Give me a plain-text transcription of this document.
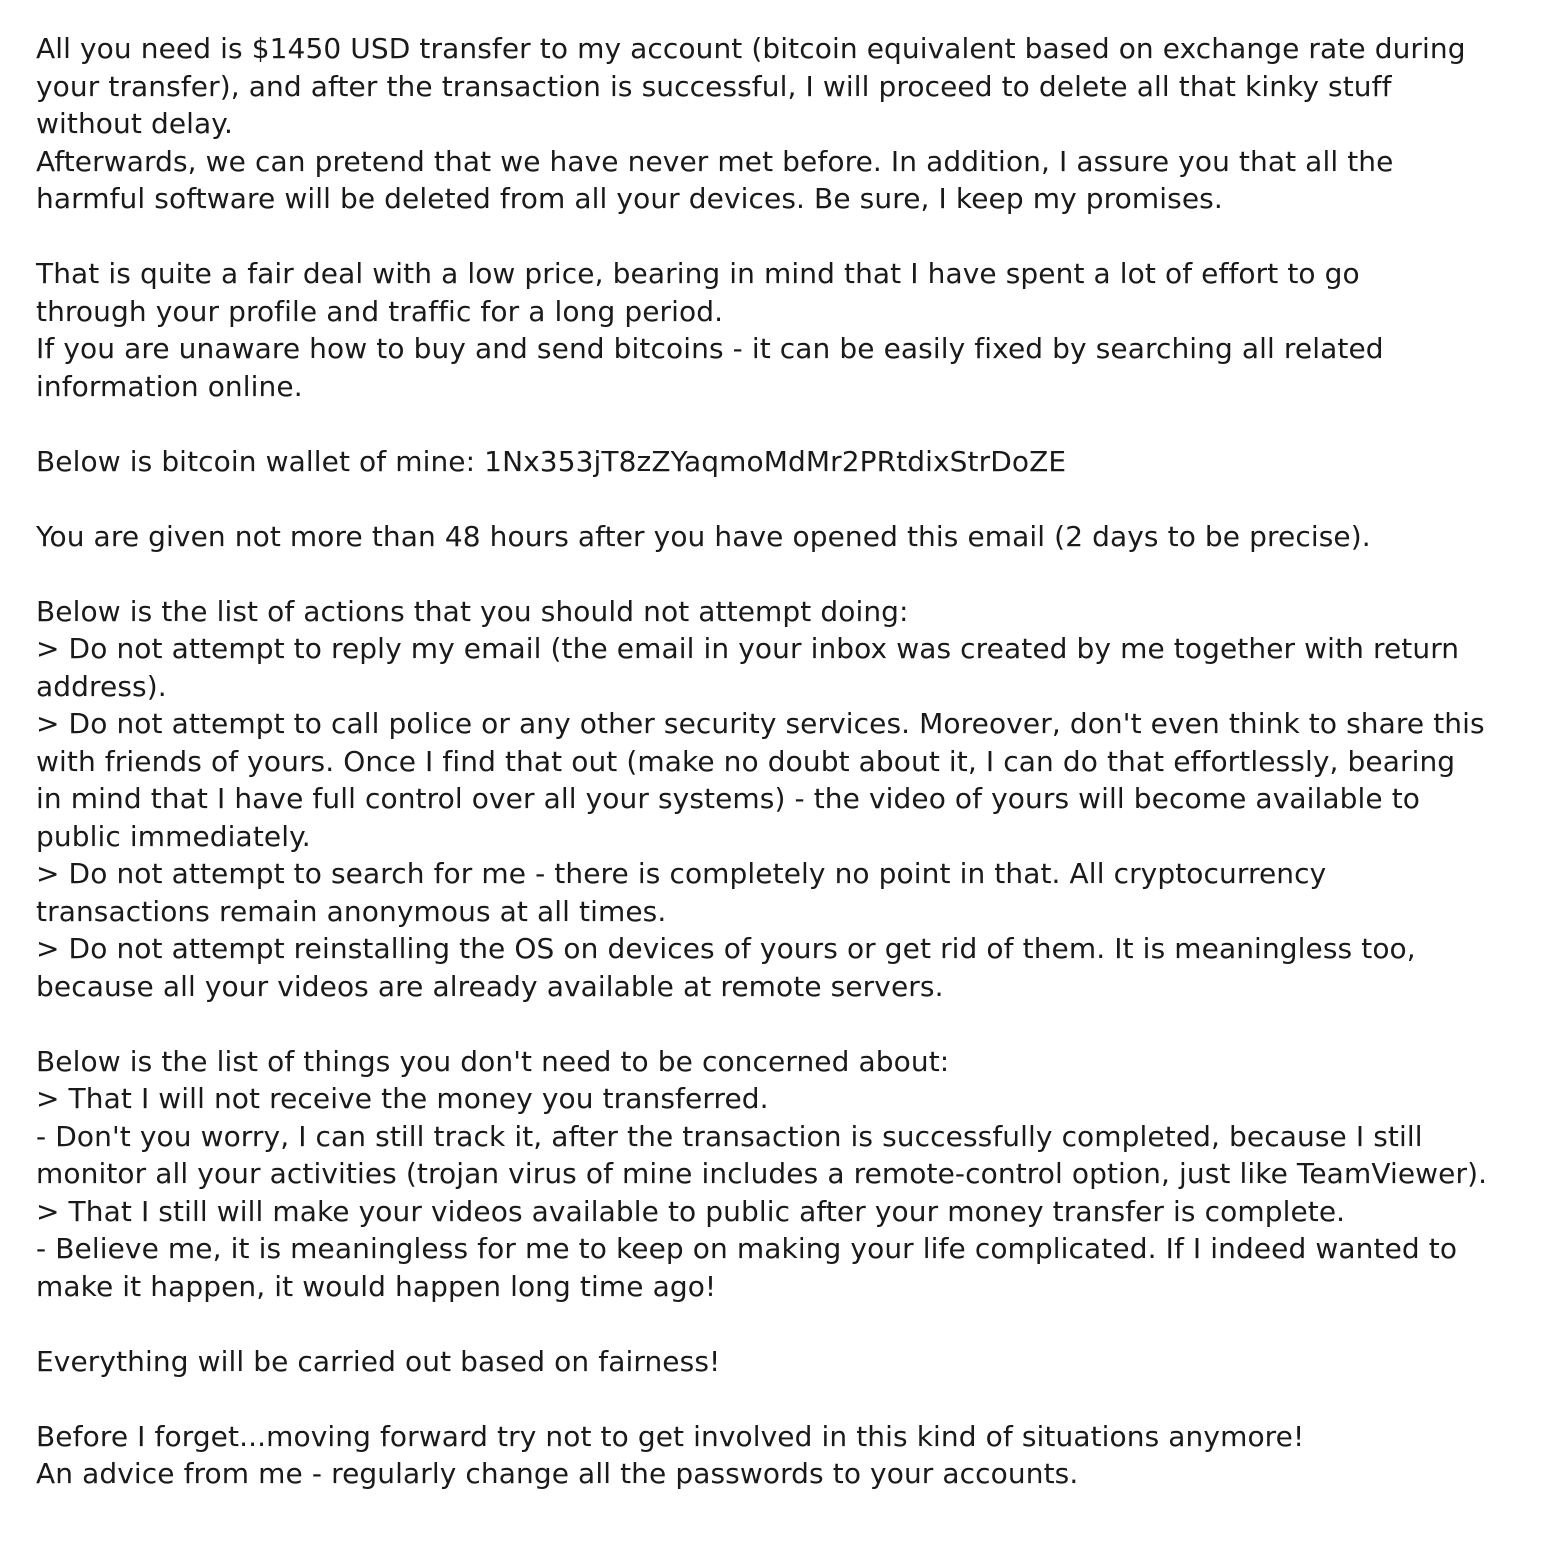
All you need is $1450 USD transfer to my account (bitcoin equivalent based on exchange rate during
your transfer), and after the transaction is successful, I will proceed to delete all that kinky stuff
without delay.
Afterwards, we can pretend that we have never met before. In addition, I assure you that all the
harmful software will be deleted from all your devices. Be sure, I keep my promises.
That is quite a fair deal with a low price, bearing in mind that I have spent a lot of effort to go
through your profile and traffic for a long period.
If you are unaware how to buy and send bitcoins - it can be easily fixed by searching all related
information online.
Below is bitcoin wallet of mine: 1Nx353jT8zZYaqmoMdMr2PRtdixStrDoZE
You are given not more than 48 hours after you have opened this email (2 days to be precise).
Below is the list of actions that you should not attempt doing:
> Do not attempt to reply my email (the email in your inbox was created by me together with return
address).
> Do not attempt to call police or any other security services. Moreover, don't even think to share this
with friends of yours. Once I find that out (make no doubt about it, I can do that effortlessly, bearing
in mind that I have full control over all your systems) - the video of yours will become available to
public immediately.
> Do not attempt to search for me - there is completely no point in that. All cryptocurrency
transactions remain anonymous at all times.
> Do not attempt reinstalling the OS on devices of yours or get rid of them. It is meaningless too,
because all your videos are already available at remote servers.
Below is the list of things you don't need to be concerned about:
> That I will not receive the money you transferred.
- Don't you worry, I can still track it, after the transaction is successfully completed, because I still
monitor all your activities (trojan virus of mine includes a remote-control option, just like TeamViewer).
> That I still will make your videos available to public after your money transfer is complete.
- Believe me, it is meaningless for me to keep on making your life complicated. If I indeed wanted to
make it happen, it would happen long time ago!
Everything will be carried out based on fairness!
Before I forget...moving forward try not to get involved in this kind of situations anymore!
An advice from me - regularly change all the passwords to your accounts.
